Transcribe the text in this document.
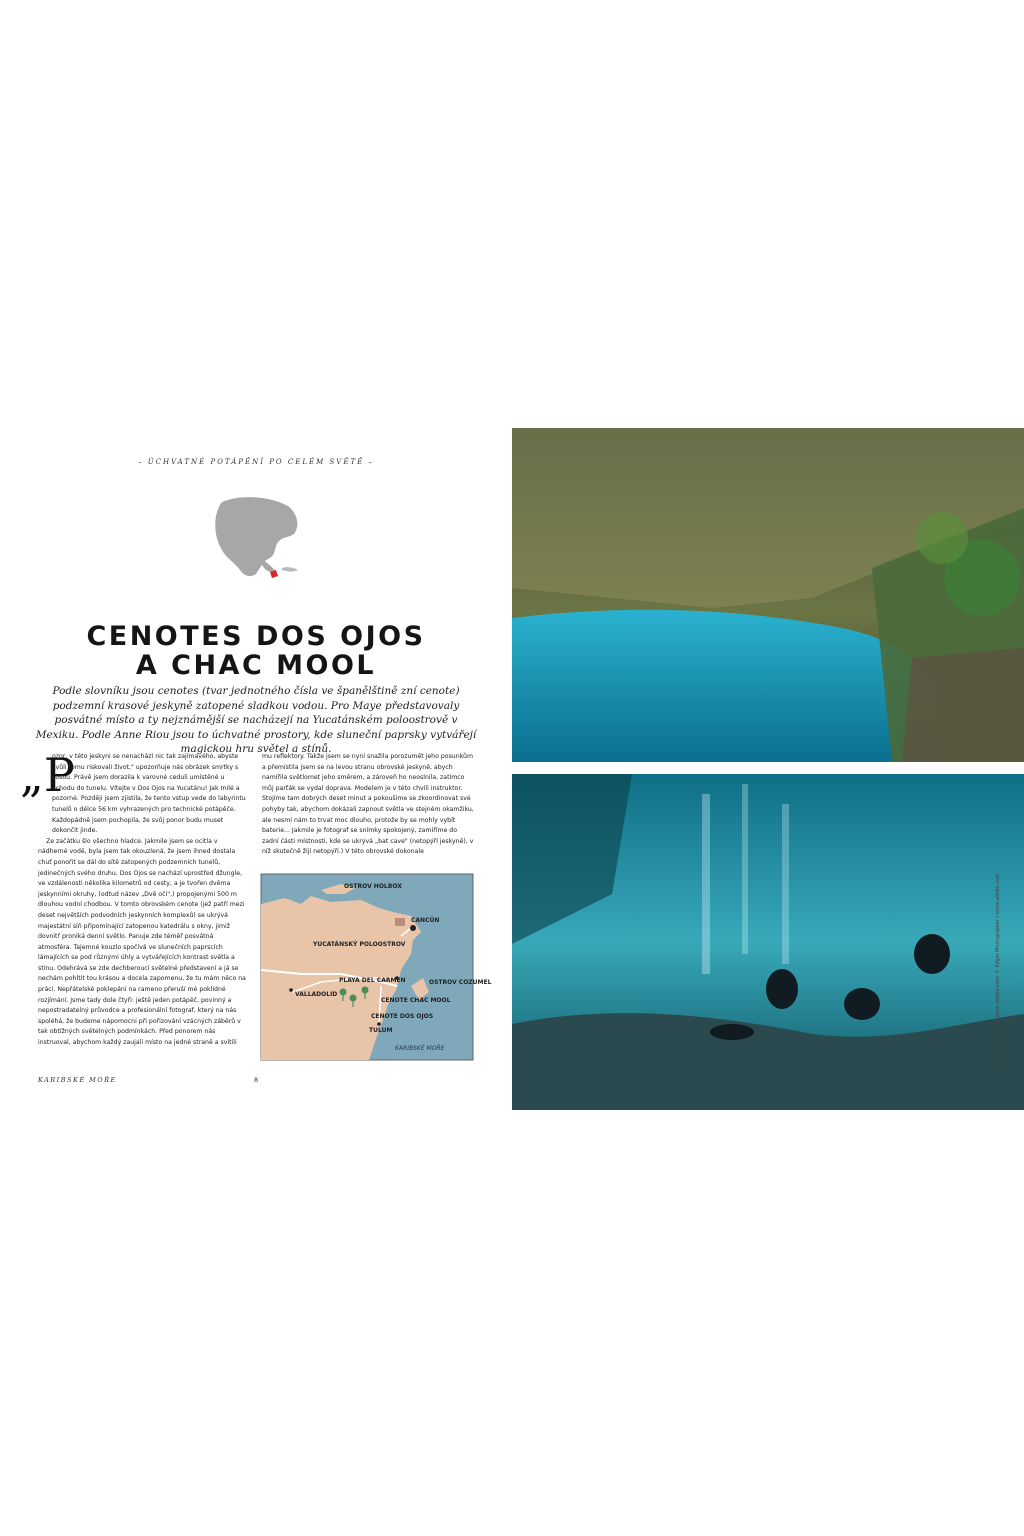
– ÚCHVATNÉ POTÁPĚNÍ PO CELÉM SVĚTĚ –
CENOTES DOS OJOS
A CHAC MOOL
Podle slovníku jsou cenotes (tvar jednotného čísla ve španělštině zní cenote) podzemní krasové jeskyně zatopené sladkou vodou. Pro Maye představovaly posvátné místo a ty nejznámější se nacházejí na Yucatánském poloostrově v Mexiku. Podle Anne Riou jsou to úchvatné prostory, kde sluneční paprsky vytvářejí magickou hru světel a stínů.
„P

ozor, v této jeskyni se nenachází nic tak zajímavého, abyste kvůli tomu riskovali život," upozorňuje nás obrázek smrtky s kosou. Právě jsem dorazila k varovné ceduli umístěné u vchodu do tunelu. Vítejte v Dos Ojos na Yucatánu! Jak milé a pozorné. Později jsem zjistila, že tento vstup vede do labyrintu tunelů o délce 56 km vyhrazených pro technické potápěče. Každopádně jsem pochopila, že svůj ponor budu muset dokončit jinde.

Ze začátku šlo všechno hladce. Jakmile jsem se ocitla v nádherné vodě, byla jsem tak okouzlená, že jsem ihned dostala chuť ponořit se dál do sítě zatopených podzemních tunelů, jedinečných svého druhu. Dos Ojos se nachází uprostřed džungle, ve vzdálenosti několika kilometrů od cesty, a je tvořen dvěma jeskynními okruhy, (odtud název „Dvě oči",) propojenými 500 m dlouhou vodní chodbou. V tomto obrovském cenote (jež patří mezi deset největších podvodních jeskynních komplexů) se ukrývá majestátní síň připomínající zatopenou katedrálu s okny, jimiž dovnitř proniká denní světlo. Panuje zde téměř posvátná atmosféra. Tajemné kouzlo spočívá ve slunečních paprscích lámajících se pod různými úhly a vytvářejících kontrast světla a stínu. Odehrává se zde dechberoucí světelné představení a já se nechám pohltit tou krásou a docela zapomenu, že tu mám něco na práci. Nepřátelské poklepání na rameno přeruší mé poklidné rozjímání. Jsme tady dole čtyři: ještě jeden potápěč, povinný a nepostradatelný průvodce a profesionální fotograf, který na nás spoléhá, že budeme nápomocni při pořizování vzácných záběrů v tak obtížných světelných podmínkách. Před ponorem nás instruoval, abychom každý zaujali místo na jedné straně a svítili

mu reflektory. Takže jsem se nyní snažila porozumět jeho posunkům a přemístila jsem se na levou stranu obrovské jeskyně, abych namířila světlomet jeho směrem, a zároveň ho neoslnila, zatímco můj parťák se vydal doprava. Modelem je v této chvíli instruktor. Stojíme tam dobrých deset minut a pokoušíme se zkoordinovat své pohyby tak, abychom dokázali zapnout světla ve stejném okamžiku, ale nesmí nám to trvat moc dlouho, protože by se mohly vybít baterie... Jakmile je fotograf se snímky spokojený, zamíříme do zadní části místnosti, kde se ukrývá „bat cave" (netopýří jeskyně), v níž skutečně žijí netopýři.) V této obrovské dokonale

OSTROV HOLBOX
CANCÚN
YUCATÁNSKÝ POLOOSTROV
PLAYA DEL CARMEN	OSTROV COZUMEL
VALLADOLID
CENOTE CHAC MOOL
CENOTE DOS OJOS
TULUM
KARIBSKÉ MOŘE
KARIBSKÉ MOŘE	8
© Simon Dannhauer / stock.adobe.com; © Edgar Photographer / stock.adobe.com
